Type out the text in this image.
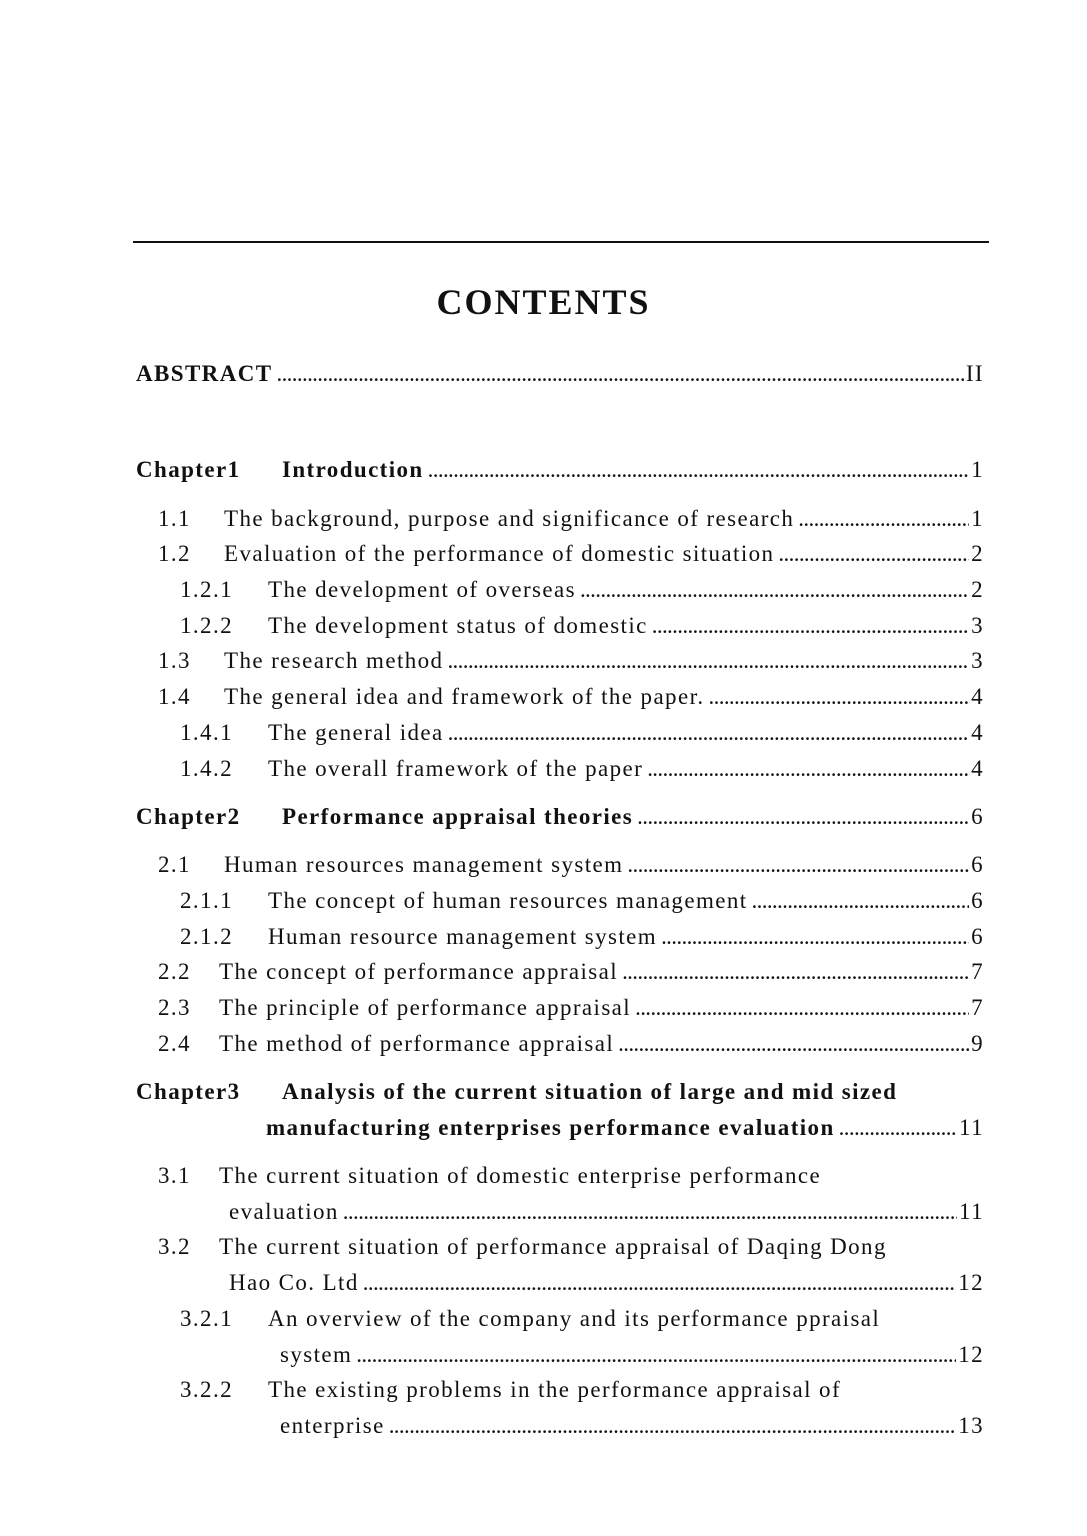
CONTENTS
ABSTRACT . . .	II
Chapter1 Introduction . . .	1
1.1 The background, purpose and significance of research . . .	1
1.2 Evaluation of the performance of domestic situation . . .	2
1.2.1 The development of overseas . . .	2
1.2.2 The development status of domestic . . .	3
1.3 The research method . . .	3
1.4 The general idea and framework of the paper. . . .	4
1.4.1 The general idea . . .	4
1.4.2 The overall framework of the paper . . .	4
Chapter2 Performance appraisal theories . . .	6
2.1 Human resources management system . . .	6
2.1.1 The concept of human resources management . . .	6
2.1.2 Human resource management system . . .	6
2.2 The concept of performance appraisal . . .	7
2.3 The principle of performance appraisal . . .	7
2.4 The method of performance appraisal . . .	9
Chapter3 Analysis of the current situation of large and mid sized
manufacturing enterprises performance evaluation . . .	11
3.1 The current situation of domestic enterprise performance
evaluation . . .	11
3.2 The current situation of performance appraisal of Daqing Dong
Hao Co. Ltd . . .	12
3.2.1 An overview of the company and its performance ppraisal
system . . .	12
3.2.2 The existing problems in the performance appraisal of
enterprise . . .	13
